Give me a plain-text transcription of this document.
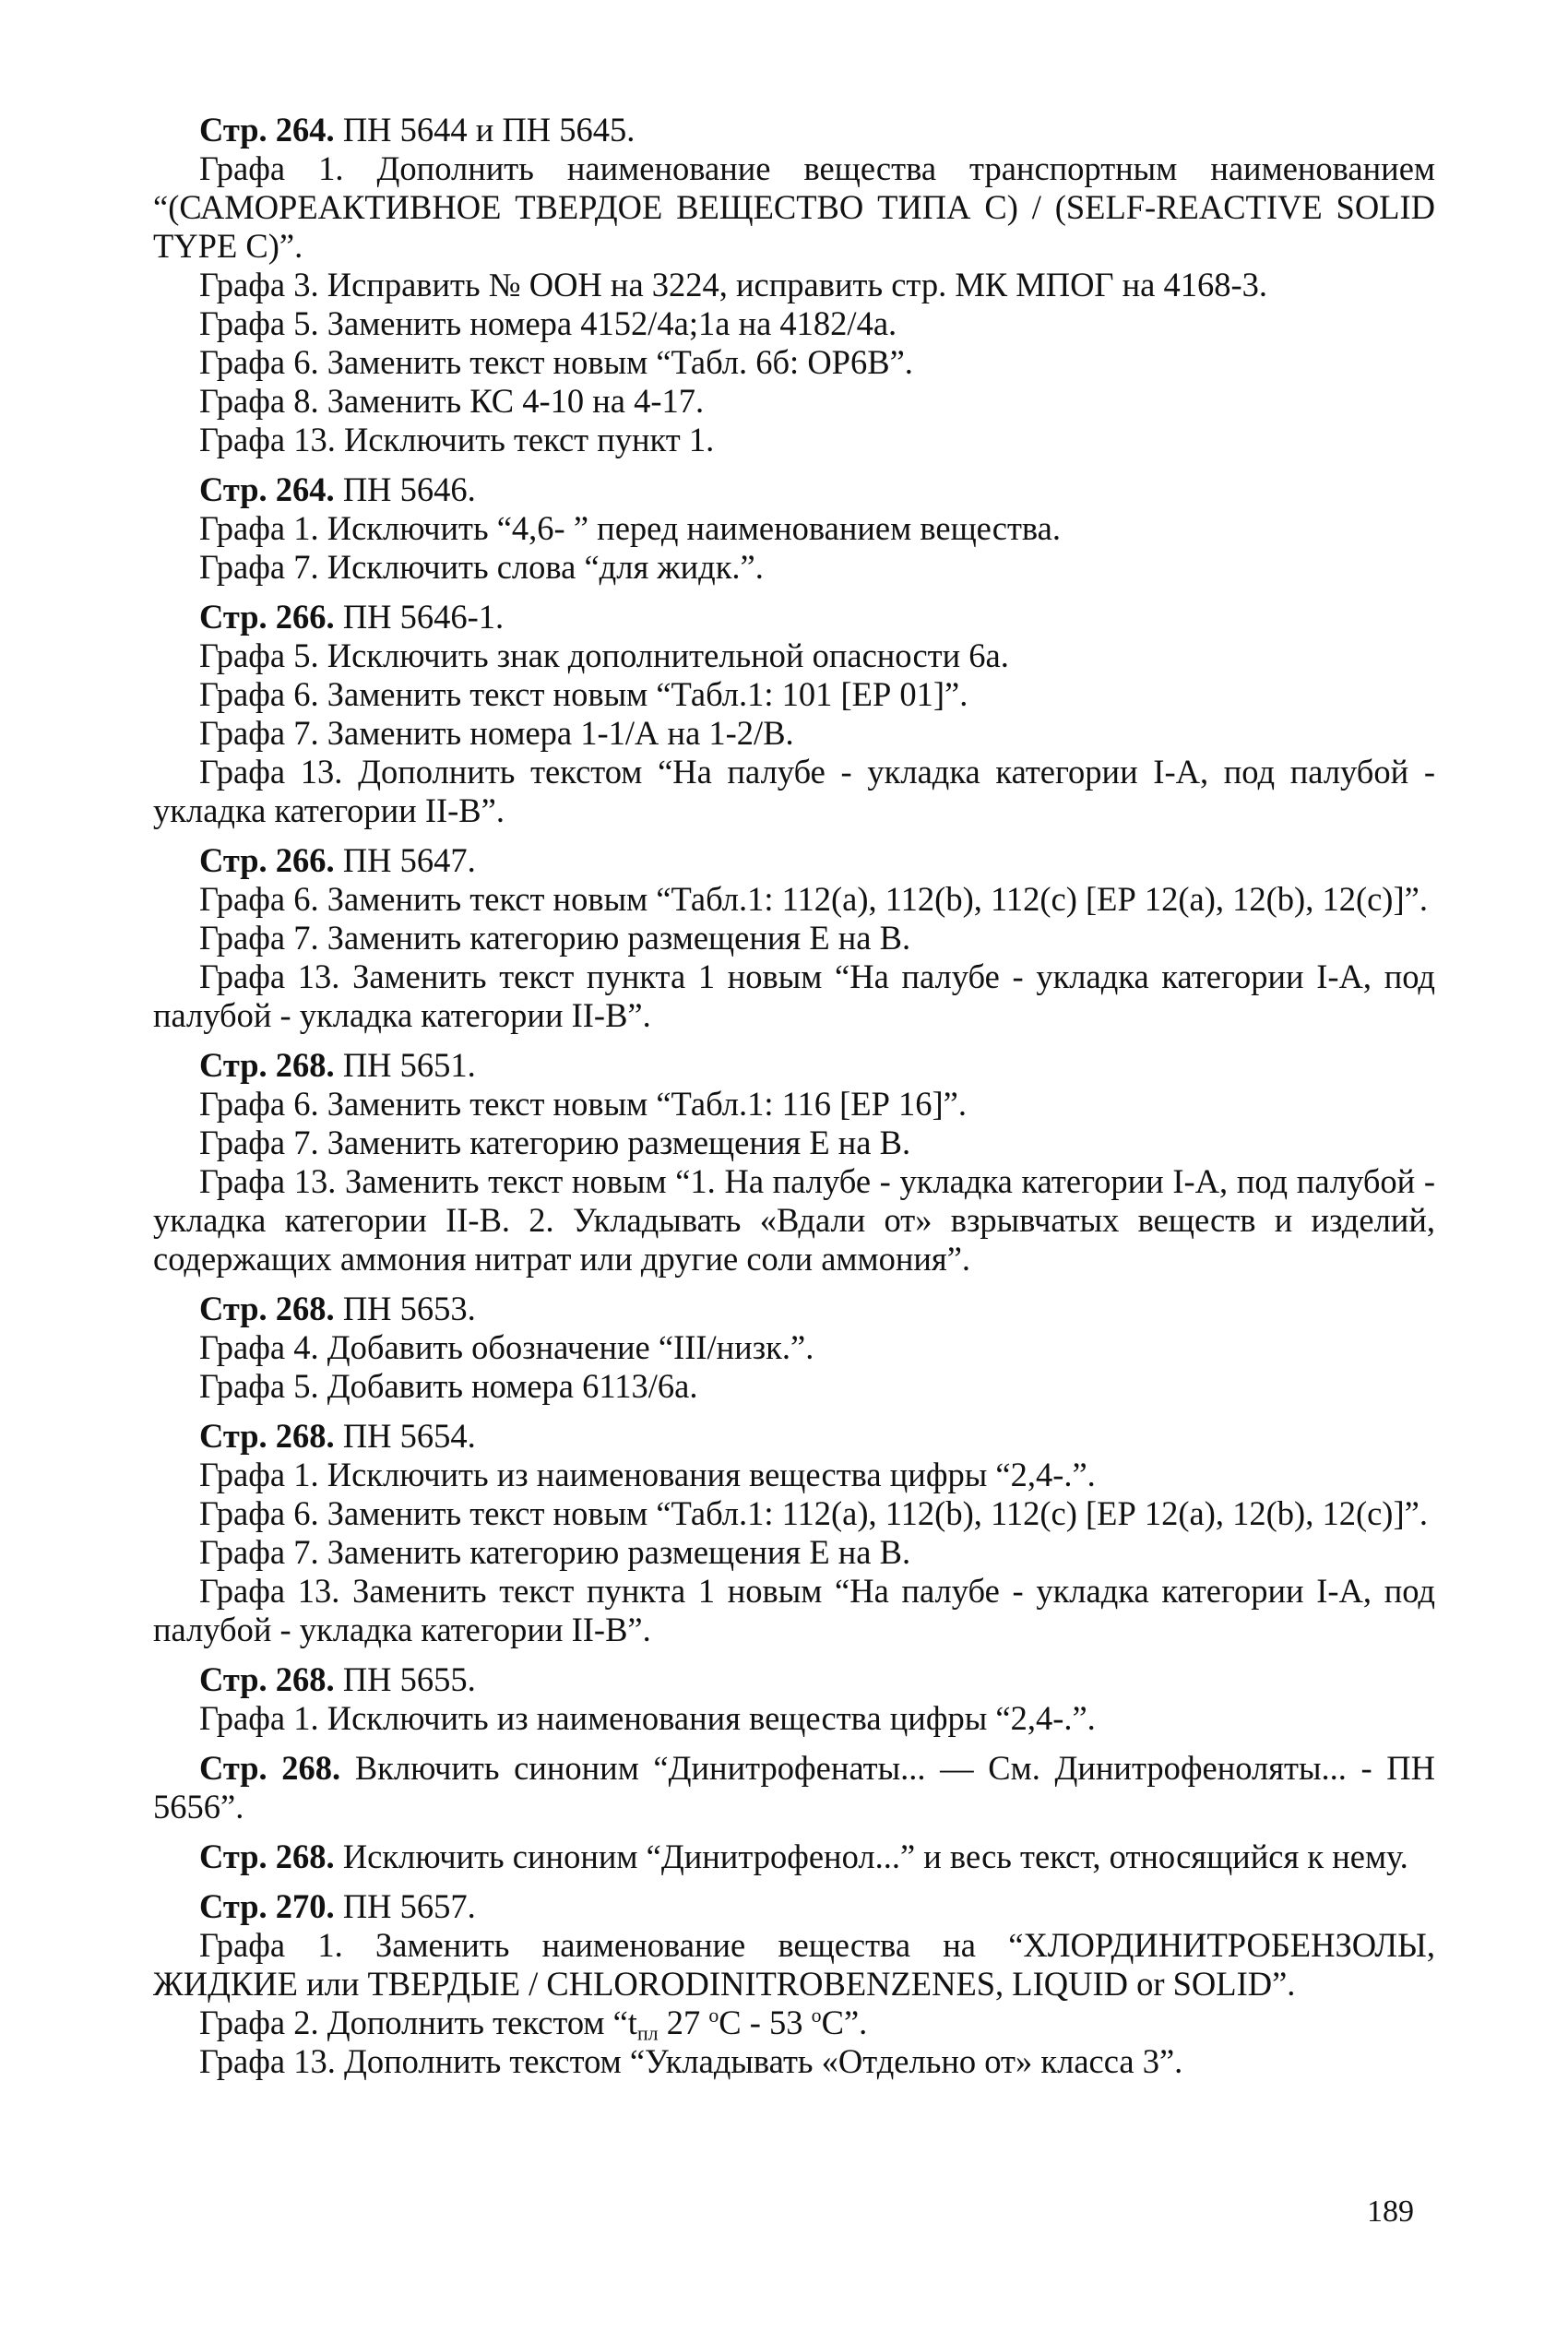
Стр. 264. ПН 5644 и ПН 5645.

Графа 1. Дополнить наименование вещества транспортным наименованием “(САМОРЕАКТИВНОЕ ТВЕРДОЕ ВЕЩЕСТВО ТИПА С) / (SELF-REACTIVE SOLID TYPE C)”.

Графа 3. Исправить № ООН на 3224, исправить стр. МК МПОГ на 4168-3.

Графа 5. Заменить номера 4152/4а;1а на 4182/4а.

Графа 6. Заменить текст новым “Табл. 6б: ОР6В”.

Графа 8. Заменить КС 4-10 на 4-17.

Графа 13. Исключить текст пункт 1.

Стр. 264. ПН 5646.

Графа 1. Исключить “4,6- ” перед наименованием вещества.

Графа 7. Исключить слова “для жидк.”.

Стр. 266. ПН 5646-1.

Графа 5. Исключить знак дополнительной опасности 6а.

Графа 6. Заменить текст новым “Табл.1: 101 [ЕР 01]”.

Графа 7. Заменить номера 1-1/А на 1-2/В.

Графа 13. Дополнить текстом “На палубе - укладка категории I-А, под палубой - укладка категории II-В”.

Стр. 266. ПН 5647.

Графа 6. Заменить текст новым “Табл.1: 112(a), 112(b), 112(c) [ЕР 12(а), 12(b), 12(c)]”.

Графа 7. Заменить категорию размещения Е на В.

Графа 13. Заменить текст пункта 1 новым “На палубе - укладка категории I-А, под палубой - укладка категории II-В”.

Стр. 268. ПН 5651.

Графа 6. Заменить текст новым “Табл.1: 116 [ЕР 16]”.

Графа 7. Заменить категорию размещения Е на В.

Графа 13. Заменить текст новым “1. На палубе - укладка категории I-А, под палубой - укладка категории II-В. 2. Укладывать «Вдали от» взрывчатых веществ и изделий, содержащих аммония нитрат или другие соли аммония”.

Стр. 268. ПН 5653.

Графа 4. Добавить обозначение “III/низк.”.

Графа 5. Добавить номера 6113/6а.

Стр. 268. ПН 5654.

Графа 1. Исключить из наименования вещества цифры “2,4-.”.

Графа 6. Заменить текст новым “Табл.1: 112(a), 112(b), 112(c) [ЕР 12(а), 12(b), 12(c)]”.

Графа 7. Заменить категорию размещения Е на В.

Графа 13. Заменить текст пункта 1 новым “На палубе - укладка категории I-А, под палубой - укладка категории II-В”.

Стр. 268. ПН 5655.

Графа 1. Исключить из наименования вещества цифры “2,4-.”.

Стр. 268. Включить синоним “Динитрофенаты... — См. Динитрофеноляты... - ПН 5656”.

Стр. 268. Исключить синоним “Динитрофенол...” и весь текст, относящийся к нему.

Стр. 270. ПН 5657.

Графа 1. Заменить наименование вещества на “ХЛОРДИНИТРОБЕНЗОЛЫ, ЖИДКИЕ или ТВЕРДЫЕ / CHLORODINITROBENZENES, LIQUID or SOLID”.

Графа 2. Дополнить текстом “$t_{пл}$ 27 $^о$С - 53 $^о$С”.

Графа 13. Дополнить текстом “Укладывать «Отдельно от» класса 3”.

189
